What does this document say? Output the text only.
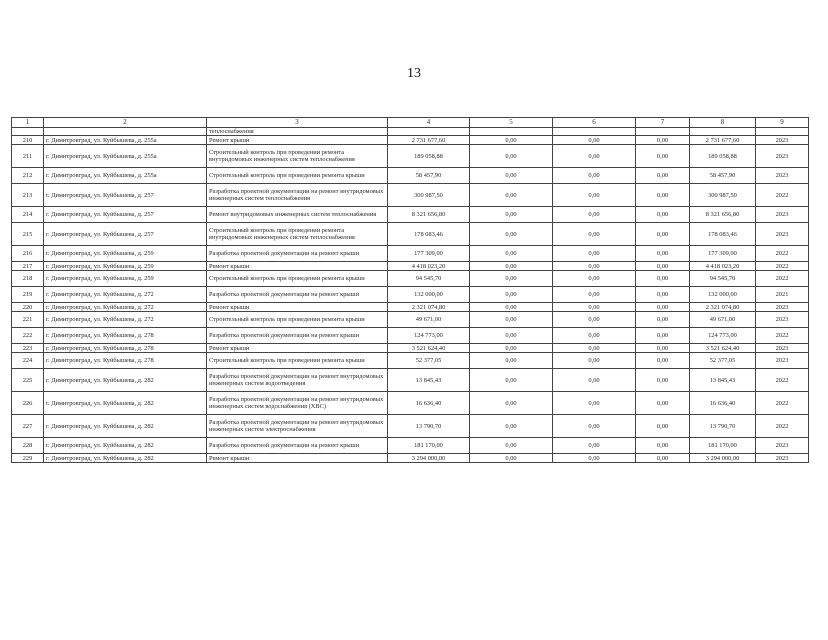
13
1	2	3	4	5	6	7	8	9
		теплоснабжения						
210	г. Димитровград, ул. Куйбышева, д. 255а	Ремонт крыши	2 731 677,60	0,00	0,00	0,00	2 731 677,60	2023
211	г. Димитровград, ул. Куйбышева, д. 255а	Строительный контроль при проведении ремонта внутридомовых инженерных систем теплоснабжения	189 058,88	0,00	0,00	0,00	189 058,88	2023
212	г. Димитровград, ул. Куйбышева, д. 255а	Строительный контроль при проведении ремонта крыши	58 457,90	0,00	0,00	0,00	58 457,90	2023
213	г. Димитровград, ул. Куйбышева, д. 257	Разработка проектной документации на ремонт внутридомовых инженерных систем теплоснабжения	300 987,50	0,00	0,00	0,00	300 987,50	2022
214	г. Димитровград, ул. Куйбышева, д. 257	Ремонт внутридомовых инженерных систем теплоснабжения	8 321 656,80	0,00	0,00	0,00	8 321 656,80	2023
215	г. Димитровград, ул. Куйбышева, д. 257	Строительный контроль при проведении ремонта внутридомовых инженерных систем теплоснабжения	178 083,46	0,00	0,00	0,00	178 083,46	2023
216	г. Димитровград, ул. Куйбышева, д. 259	Разработка проектной документации на ремонт крыши	177 309,00	0,00	0,00	0,00	177 309,00	2022
217	г. Димитровград, ул. Куйбышева, д. 259	Ремонт крыши	4 418 023,20	0,00	0,00	0,00	4 418 023,20	2022
218	г. Димитровград, ул. Куйбышева, д. 259	Строительный контроль при проведении ремонта крыши	94 545,70	0,00	0,00	0,00	94 545,70	2022
219	г. Димитровград, ул. Куйбышева, д. 272	Разработка проектной документации на ремонт крыши	132 000,00	0,00	0,00	0,00	132 000,00	2021
220	г. Димитровград, ул. Куйбышева, д. 272	Ремонт крыши	2 321 074,80	0,00	0,00	0,00	2 321 074,80	2023
221	г. Димитровград, ул. Куйбышева, д. 272	Строительный контроль при проведении ремонта крыши	49 671,00	0,00	0,00	0,00	49 671,00	2023
222	г. Димитровград, ул. Куйбышева, д. 278	Разработка проектной документации на ремонт крыши	124 773,00	0,00	0,00	0,00	124 773,00	2022
223	г. Димитровград, ул. Куйбышева, д. 278	Ремонт крыши	3 521 624,40	0,00	0,00	0,00	3 521 624,40	2023
224	г. Димитровград, ул. Куйбышева, д. 278	Строительный контроль при проведении ремонта крыши	52 377,05	0,00	0,00	0,00	52 377,05	2023
225	г. Димитровград, ул. Куйбышева, д. 282	Разработка проектной документации на ремонт внутридомовых инженерных систем водоотведения	13 845,43	0,00	0,00	0,00	13 845,43	2022
226	г. Димитровград, ул. Куйбышева, д. 282	Разработка проектной документации на ремонт внутридомовых инженерных систем водоснабжения (ХВС)	16 636,40	0,00	0,00	0,00	16 636,40	2022
227	г. Димитровград, ул. Куйбышева, д. 282	Разработка проектной документации на ремонт внутридомовых инженерных систем электроснабжения	13 790,70	0,00	0,00	0,00	13 790,70	2022
228	г. Димитровград, ул. Куйбышева, д. 282	Разработка проектной документации на ремонт крыши	181 170,00	0,00	0,00	0,00	181 170,00	2023
229	г. Димитровград, ул. Куйбышева, д. 282	Ремонт крыши	3 294 000,00	0,00	0,00	0,00	3 294 000,00	2023
